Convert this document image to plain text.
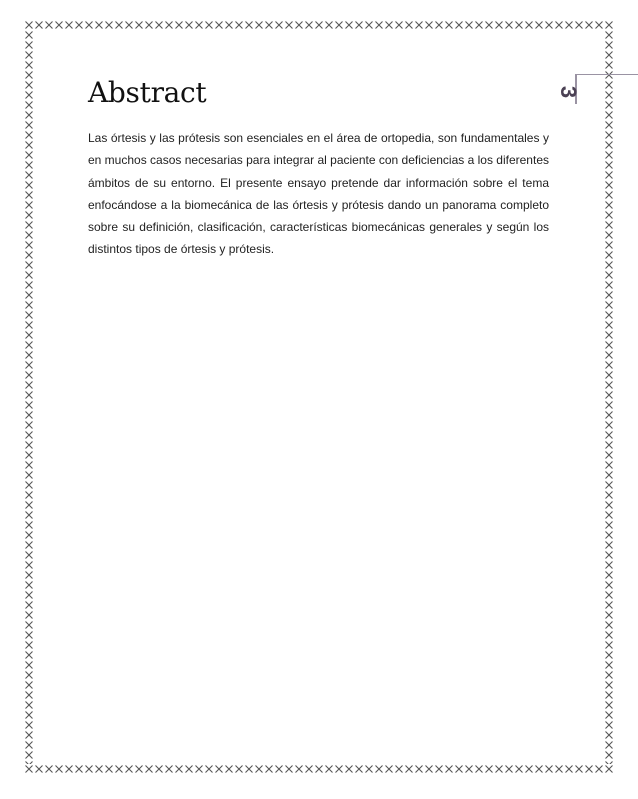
Abstract	3

Las órtesis y las prótesis son esenciales en el área de ortopedia, son fundamentales y en muchos casos necesarias para integrar al paciente con deficiencias a los diferentes ámbitos de su entorno. El presente ensayo pretende dar información sobre el tema enfocándose a la biomecánica de las órtesis y prótesis dando un panorama completo sobre su definición, clasificación, características biomecánicas generales y según los distintos tipos de órtesis y prótesis.
